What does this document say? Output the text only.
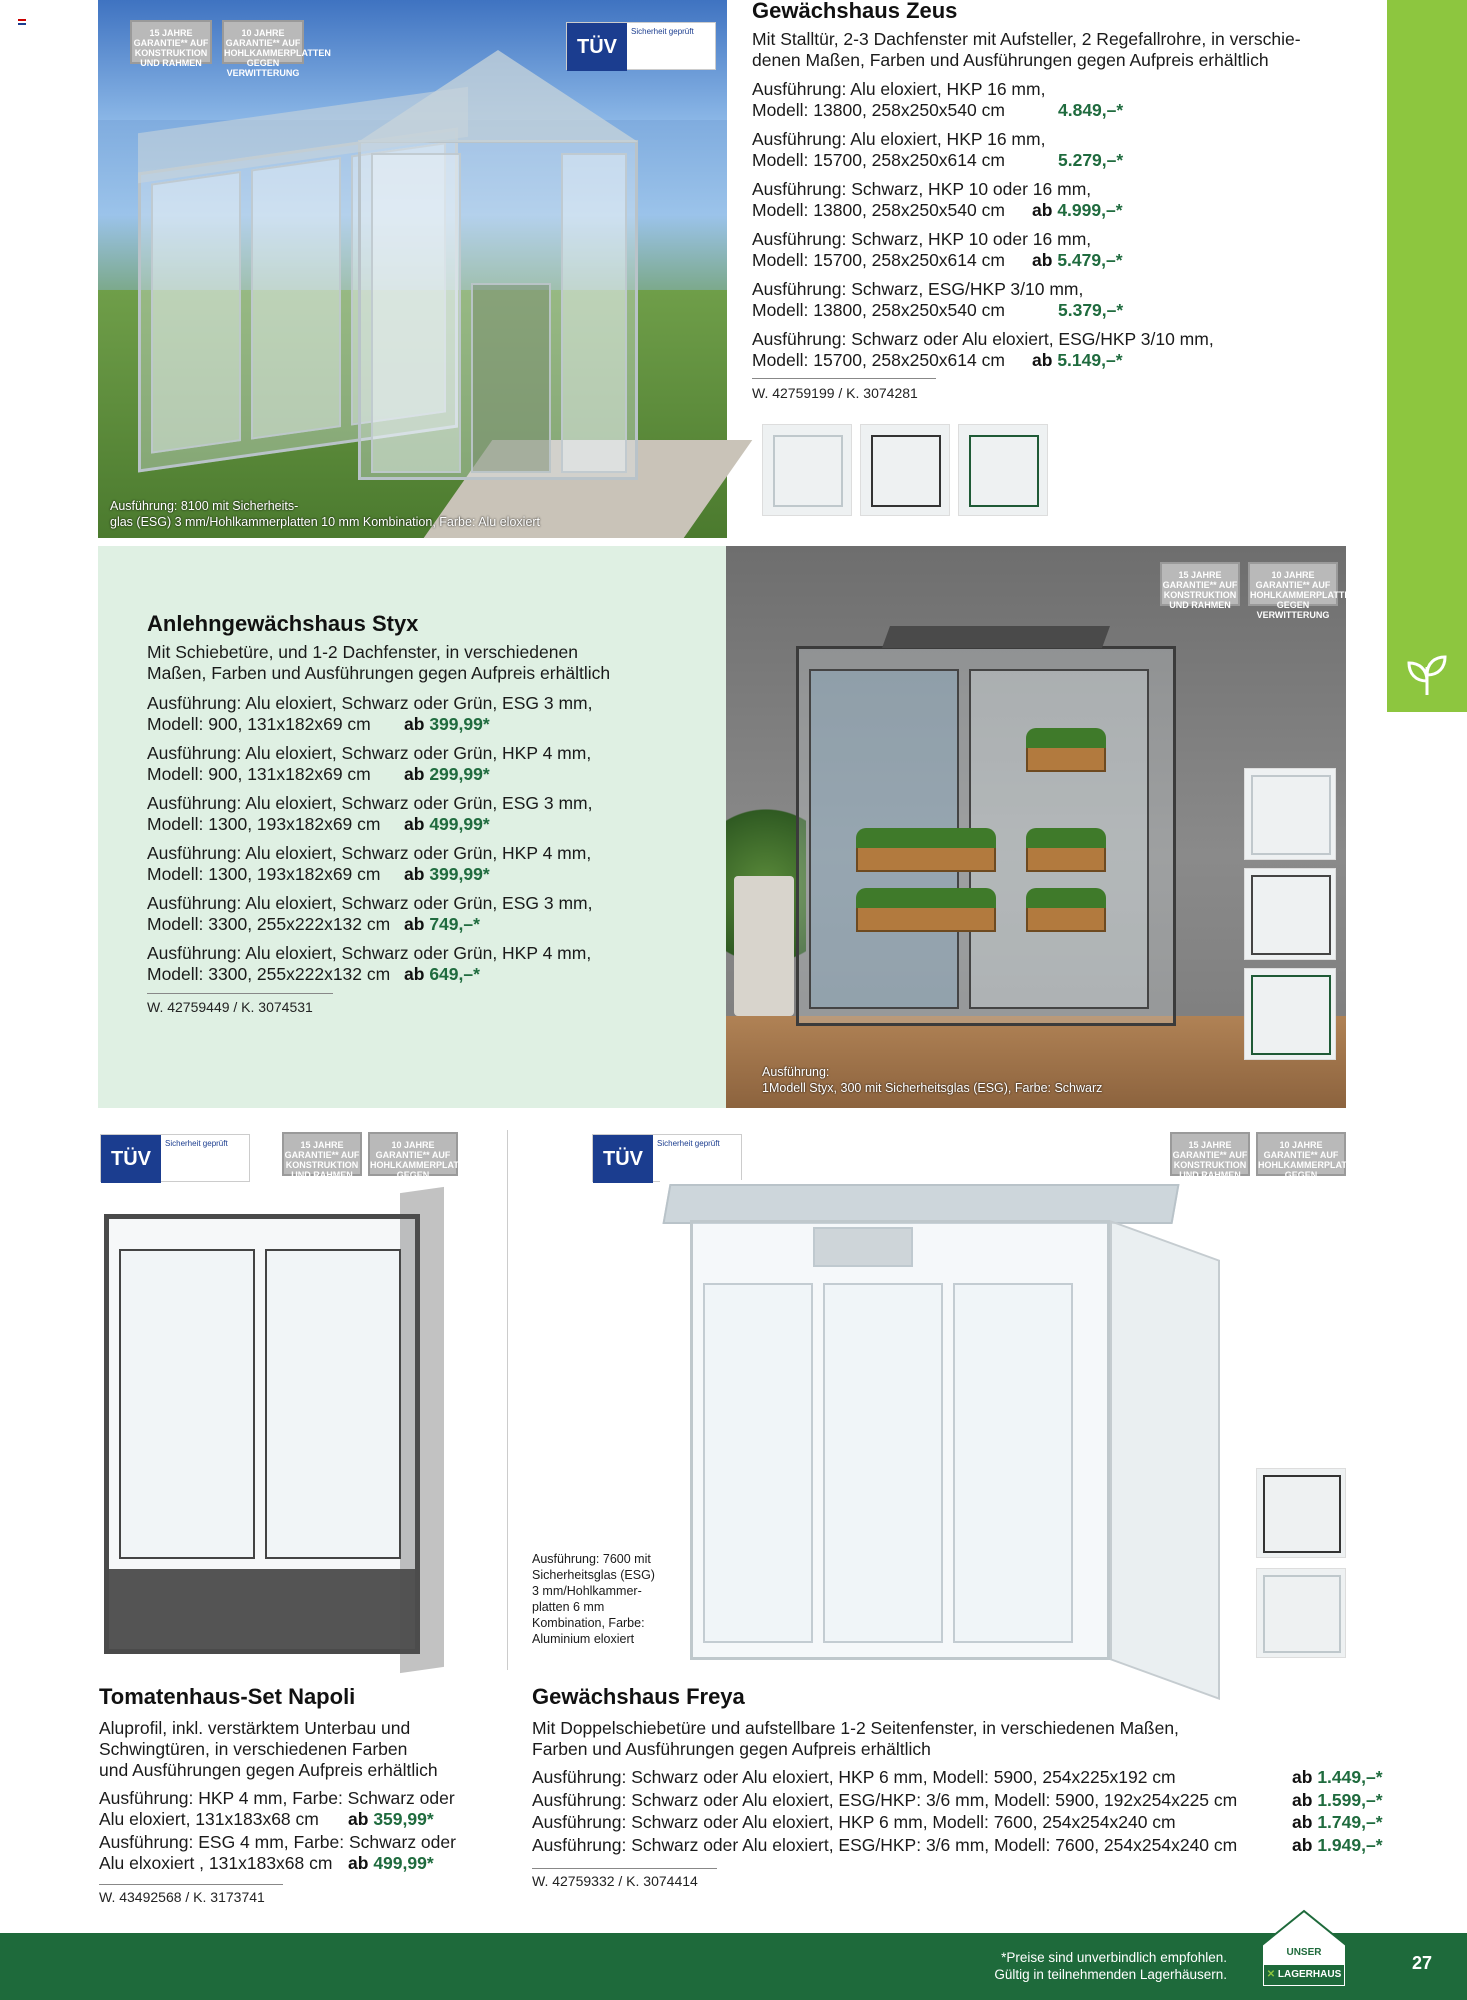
15 JAHRE GARANTIE** AUF KONSTRUKTION UND RAHMEN
10 JAHRE GARANTIE** AUF HOHLKAMMERPLATTEN GEGEN VERWITTERUNG
TÜV
Sicherheit geprüft
Ausführung: 8100 mit Sicherheits-
glas (ESG) 3 mm/Hohlkammerplatten 10 mm Kombination, Farbe: Alu eloxiert
Gewächshaus Zeus
Mit Stalltür, 2-3 Dachfenster mit Aufsteller, 2 Regefallrohre, in verschie-
denen Maßen, Farben und Ausführungen gegen Aufpreis erhältlich
Ausführung: Alu eloxiert, HKP 16 mm,
Modell: 13800, 258x250x540 cm	4.849,–*
Ausführung: Alu eloxiert, HKP 16 mm,
Modell: 15700, 258x250x614 cm	5.279,–*
Ausführung: Schwarz, HKP 10 oder 16 mm,
Modell: 13800, 258x250x540 cm ab 4.999,–*
Ausführung: Schwarz, HKP 10 oder 16 mm,
Modell: 15700, 258x250x614 cm ab 5.479,–*
Ausführung: Schwarz, ESG/HKP 3/10 mm,
Modell: 13800, 258x250x540 cm	5.379,–*
Ausführung: Schwarz oder Alu eloxiert, ESG/HKP 3/10 mm,
Modell: 15700, 258x250x614 cm ab 5.149,–*
W. 42759199 / K. 3074281
Anlehngewächshaus Styx
Mit Schiebetüre, und 1-2 Dachfenster, in verschiedenen
Maßen, Farben und Ausführungen gegen Aufpreis erhältlich
Ausführung: Alu eloxiert, Schwarz oder Grün, ESG 3 mm,
Modell: 900, 131x182x69 cm ab 399,99*
Ausführung: Alu eloxiert, Schwarz oder Grün, HKP 4 mm,
Modell: 900, 131x182x69 cm ab 299,99*
Ausführung: Alu eloxiert, Schwarz oder Grün, ESG 3 mm,
Modell: 1300, 193x182x69 cm ab 499,99*
Ausführung: Alu eloxiert, Schwarz oder Grün, HKP 4 mm,
Modell: 1300, 193x182x69 cm ab 399,99*
Ausführung: Alu eloxiert, Schwarz oder Grün, ESG 3 mm,
Modell: 3300, 255x222x132 cm ab 749,–*
Ausführung: Alu eloxiert, Schwarz oder Grün, HKP 4 mm,
Modell: 3300, 255x222x132 cm ab 649,–*
W. 42759449 / K. 3074531
15 JAHRE GARANTIE** AUF KONSTRUKTION UND RAHMEN
10 JAHRE GARANTIE** AUF HOHLKAMMERPLATTEN GEGEN VERWITTERUNG
Ausführung:
1Modell Styx, 300 mit Sicherheitsglas (ESG), Farbe: Schwarz
TÜV
Sicherheit geprüft	15 JAHRE GARANTIE** AUF KONSTRUKTION UND RAHMEN
10 JAHRE GARANTIE** AUF HOHLKAMMERPLATTEN GEGEN VERWITTERUNG
Tomatenhaus-Set Napoli
Aluprofil, inkl. verstärktem Unterbau und
Schwingtüren, in verschiedenen Farben
und Ausführungen gegen Aufpreis erhältlich
Ausführung: HKP 4 mm, Farbe: Schwarz oder
Alu eloxiert, 131x183x68 cm ab 359,99*
Ausführung: ESG 4 mm, Farbe: Schwarz oder
Alu elxoxiert , 131x183x68 cm ab 499,99*
W. 43492568 / K. 3173741
TÜV
Sicherheit geprüft	15 JAHRE GARANTIE** AUF KONSTRUKTION UND RAHMEN
10 JAHRE GARANTIE** AUF HOHLKAMMERPLATTEN GEGEN VERWITTERUNG
Ausführung: 7600 mit
Sicherheitsglas (ESG)
3 mm/Hohlkammer-
platten 6 mm
Kombination, Farbe:
Aluminium eloxiert
Gewächshaus Freya
Mit Doppelschiebetüre und aufstellbare 1-2 Seitenfenster, in verschiedenen Maßen,
Farben und Ausführungen gegen Aufpreis erhältlich
Ausführung: Schwarz oder Alu eloxiert, HKP 6 mm, Modell: 5900, 254x225x192 cm	ab 1.449,–*
Ausführung: Schwarz oder Alu eloxiert, ESG/HKP: 3/6 mm, Modell: 5900, 192x254x225 cm	ab 1.599,–*
Ausführung: Schwarz oder Alu eloxiert, HKP 6 mm, Modell: 7600, 254x254x240 cm	ab 1.749,–*
Ausführung: Schwarz oder Alu eloxiert, ESG/HKP: 3/6 mm, Modell: 7600, 254x254x240 cm	ab 1.949,–*
W. 42759332 / K. 3074414
*Preise sind unverbindlich empfohlen.
Gültig in teilnehmenden Lagerhäusern.
UNSER
✕ LAGERHAUS
27
